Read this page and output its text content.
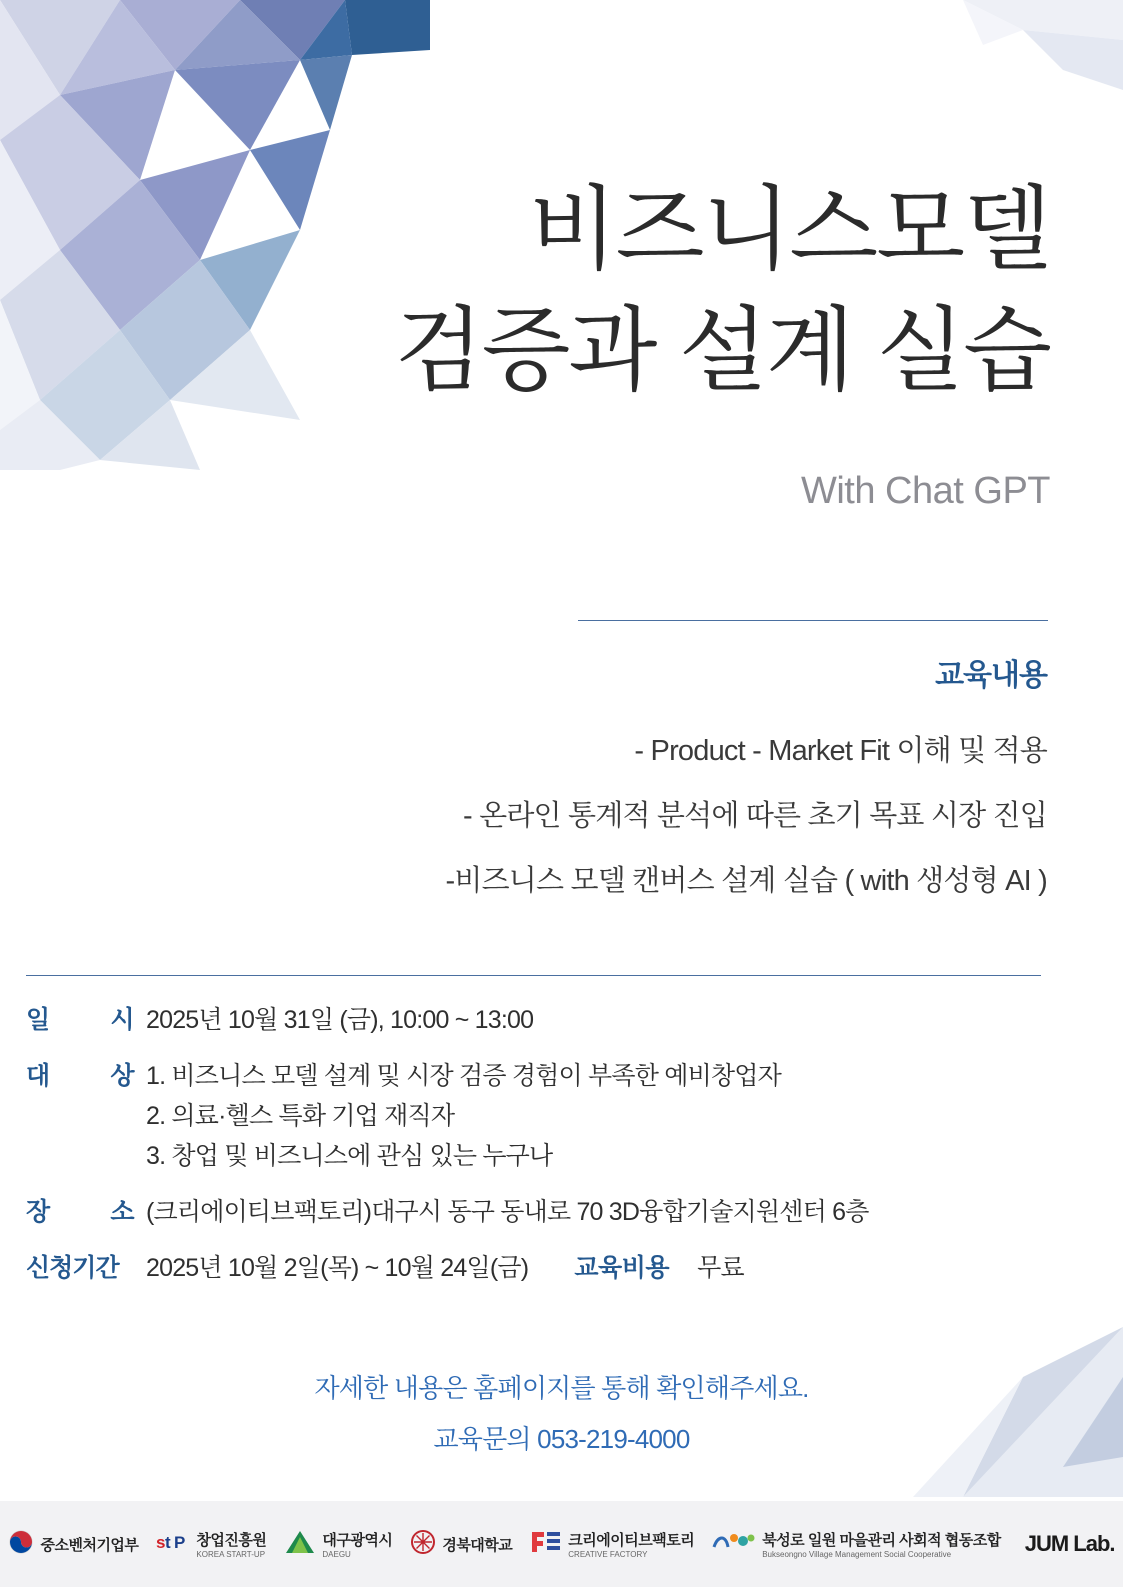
비즈니스모델
검증과 설계 실습
With Chat GPT
교육내용

- Product - Market Fit 이해 및 적용

- 온라인 통계적 분석에 따른 초기 목표 시장 진입

-비즈니스 모델 캔버스 설계 실습 ( with 생성형 AI )

일 시 2025년 10월 31일 (금), 10:00 ~ 13:00
대 상 1. 비즈니스 모델 설계 및 시장 검증 경험이 부족한 예비창업자
2. 의료·헬스 특화 기업 재직자
3. 창업 및 비즈니스에 관심 있는 누구나
장 소 (크리에이티브팩토리)대구시 동구 동내로 70 3D융합기술지원센터 6층
신청기간	2025년 10월 2일(목) ~ 10월 24일(금) 교육비용 무료
자세한 내용은 홈페이지를 통해 확인해주세요.
교육문의 053-219-4000
중소벤처기업부 s t P 창업진흥원
KOREA START-UP
대구광역시
DAEGU
경북대학교	크리에이티브팩토리
CREATIVE FACTORY
북성로 일원 마을관리 사회적 협동조합
Bukseongno Village Management Social Cooperative	JUM Lab.
